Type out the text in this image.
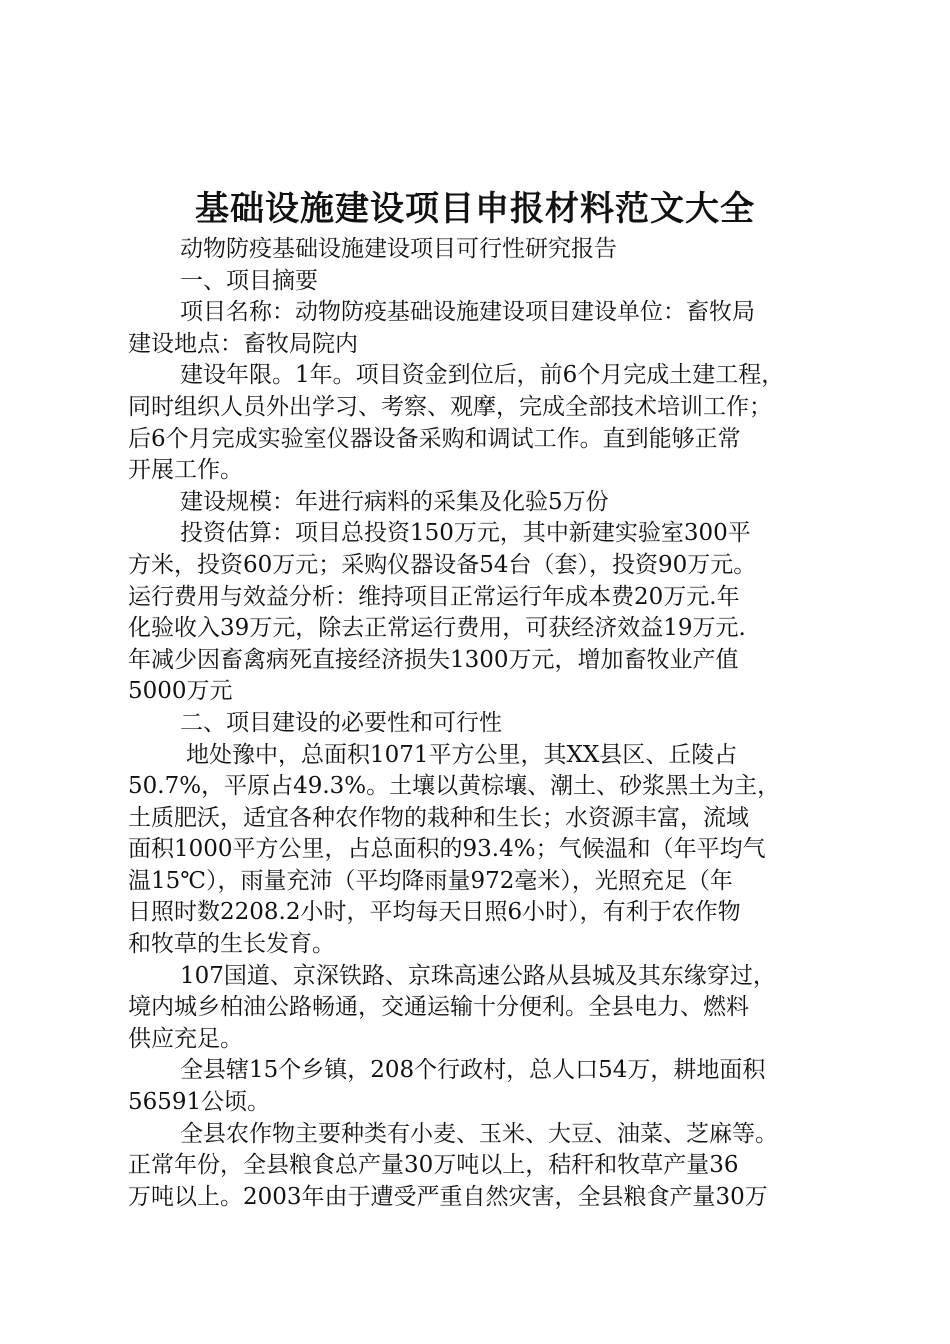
基础设施建设项目申报材料范文大全
动物防疫基础设施建设项目可行性研究报告
一、项目摘要
项目名称：动物防疫基础设施建设项目建设单位：畜牧局
建设地点：畜牧局院内
建设年限。1年。项目资金到位后，前6个月完成土建工程，
同时组织人员外出学习、考察、观摩，完成全部技术培训工作；
后6个月完成实验室仪器设备采购和调试工作。直到能够正常
开展工作。
建设规模：年进行病料的采集及化验5万份
投资估算：项目总投资150万元，其中新建实验室300平
方米，投资60万元；采购仪器设备54台（套），投资90万元。
运行费用与效益分析：维持项目正常运行年成本费20万元.年
化验收入39万元，除去正常运行费用，可获经济效益19万元.
年减少因畜禽病死直接经济损失1300万元，增加畜牧业产值
5000万元
二、项目建设的必要性和可行性
地处豫中，总面积1071平方公里，其XX县区、丘陵占
50.7%，平原占49.3%。土壤以黄棕壤、潮土、砂浆黑土为主，
土质肥沃，适宜各种农作物的栽种和生长；水资源丰富，流域
面积1000平方公里，占总面积的93.4%；气候温和（年平均气
温15℃），雨量充沛（平均降雨量972毫米），光照充足（年
日照时数2208.2小时，平均每天日照6小时），有利于农作物
和牧草的生长发育。
107国道、京深铁路、京珠高速公路从县城及其东缘穿过，
境内城乡柏油公路畅通，交通运输十分便利。全县电力、燃料
供应充足。
全县辖15个乡镇，208个行政村，总人口54万，耕地面积
56591公顷。
全县农作物主要种类有小麦、玉米、大豆、油菜、芝麻等。
正常年份，全县粮食总产量30万吨以上，秸秆和牧草产量36
万吨以上。2003年由于遭受严重自然灾害，全县粮食产量30万
